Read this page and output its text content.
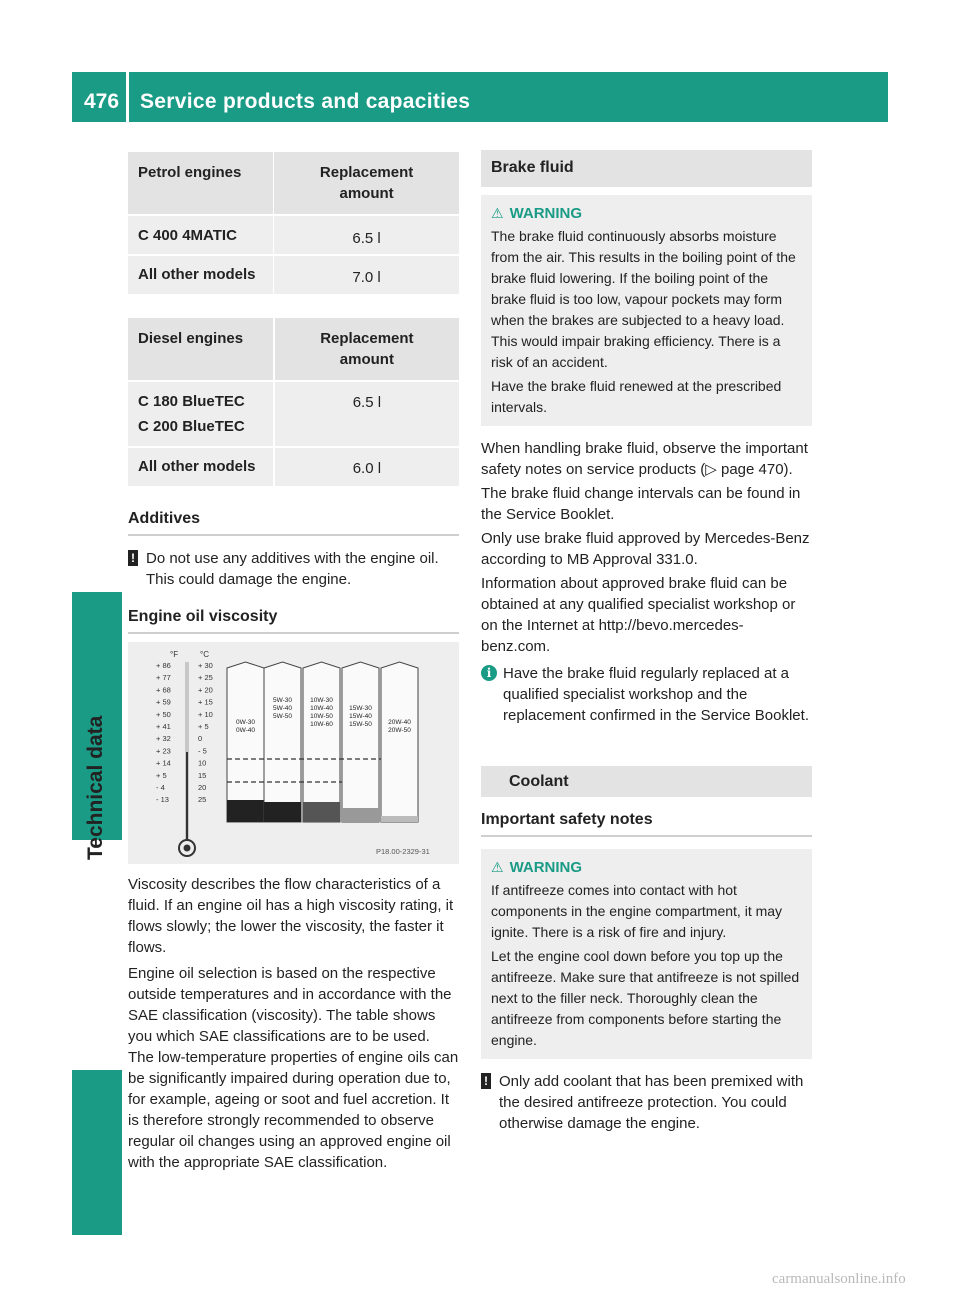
476 Service products and capacities
Petrol engines		Replacement amount
C 400 4MATIC		6.5 l
All other models		7.0 l
Diesel engines		Replacement amount

C 180 BlueTEC
C 200 BlueTEC		6.5 l
All other models		6.0 l
Additives
! Do not use any additives with the engine oil. This could damage the engine.

Engine oil viscosity
°F	°C
+ 86	+ 30
+ 77	+ 25
+ 68	+ 20
+ 59	+ 15
+ 50	+ 10
+ 41	+ 5
+ 32	0
+ 23	- 5
+ 14	10
+ 5	15
- 4	20
- 13	25
0W-30
0W-40
5W-30
5W-40
5W-50
10W-30
10W-40
10W-50
10W-60
15W-30
15W-40
15W-50	20W-40
20W-50
P18.00-2329-31

Viscosity describes the flow characteristics of a fluid. If an engine oil has a high viscosity rating, it flows slowly; the lower the viscosity, the faster it flows.

Engine oil selection is based on the respective outside temperatures and in accordance with the SAE classification (viscosity). The table shows you which SAE classifications are to be used. The low-temperature properties of engine oils can be significantly impaired during operation due to, for example, ageing or soot and fuel accretion. It is therefore strongly recommended to observe regular oil changes using an approved engine oil with the appropriate SAE classification.

Brake fluid
⚠ WARNING

The brake fluid continuously absorbs moisture from the air. This results in the boiling point of the brake fluid lowering. If the boiling point of the brake fluid is too low, vapour pockets may form when the brakes are subjected to a heavy load. This would impair braking efficiency. There is a risk of an accident.

Have the brake fluid renewed at the prescribed intervals.

When handling brake fluid, observe the important safety notes on service products (▷ page 470).

The brake fluid change intervals can be found in the Service Booklet.

Only use brake fluid approved by Mercedes-Benz according to MB Approval 331.0.

Information about approved brake fluid can be obtained at any qualified specialist workshop or on the Internet at http://bevo.mercedes-benz.com.

i Have the brake fluid regularly replaced at a qualified specialist workshop and the replacement confirmed in the Service Booklet.

Coolant
Important safety notes
⚠ WARNING

If antifreeze comes into contact with hot components in the engine compartment, it may ignite. There is a risk of fire and injury.

Let the engine cool down before you top up the antifreeze. Make sure that antifreeze is not spilled next to the filler neck. Thoroughly clean the antifreeze from components before starting the engine.

! Only add coolant that has been premixed with the desired antifreeze protection. You could otherwise damage the engine.

carmanualsonline.info
